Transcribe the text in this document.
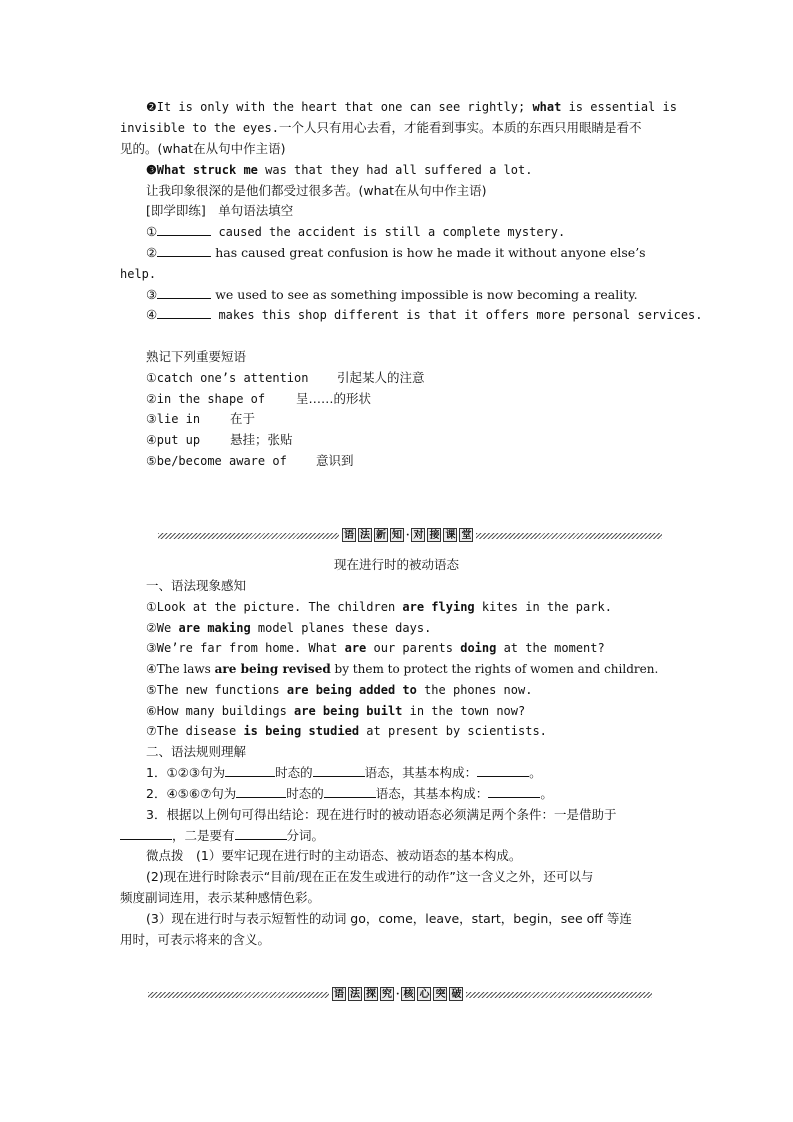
❷It is only with the heart that one can see rightly; what is essential is
invisible to the eyes.一个人只有用心去看，才能看到事实。本质的东西只用眼睛是看不
见的。(what在从句中作主语)
❸What struck me was that they had all suffered a lot.
让我印象很深的是他们都受过很多苦。(what在从句中作主语)
[即学即练]　单句语法填空
①	caused the accident is still a complete mystery.
②	has caused great confusion is how he made it without anyone else’s
help.
③	we used to see as something impossible is now becoming a reality.
④	makes this shop different is that it offers more personal services.
熟记下列重要短语
①catch one’s attention 引起某人的注意
②in the shape of 呈……的形状
③lie in 在于
④put up 悬挂；张贴
⑤be/become aware of 意识到
语 法 新 知 · 对 接 课 堂
现在进行时的被动语态
一、语法现象感知
①Look at the picture. The children are flying kites in the park.
②We are making model planes these days.
③We’re far from home. What are our parents doing at the moment?
④The laws are being revised by them to protect the rights of women and children.
⑤The new functions are being added to the phones now.
⑥How many buildings are being built in the town now?
⑦The disease is being studied at present by scientists.
二、语法规则理解
1．①②③句为	时态的	语态，其基本构成：	。
2．④⑤⑥⑦句为	时态的	语态，其基本构成：	。
3．根据以上例句可得出结论：现在进行时的被动语态必须满足两个条件：一是借助于
，二是要有	分词。
微点拨　(1）要牢记现在进行时的主动语态、被动语态的基本构成。
(2)现在进行时除表示“目前/现在正在发生或进行的动作”这一含义之外，还可以与
频度副词连用，表示某种感情色彩。
(3）现在进行时与表示短暂性的动词 go，come，leave，start，begin，see off 等连
用时，可表示将来的含义。
语 法 探 究 · 核 心 突 破
